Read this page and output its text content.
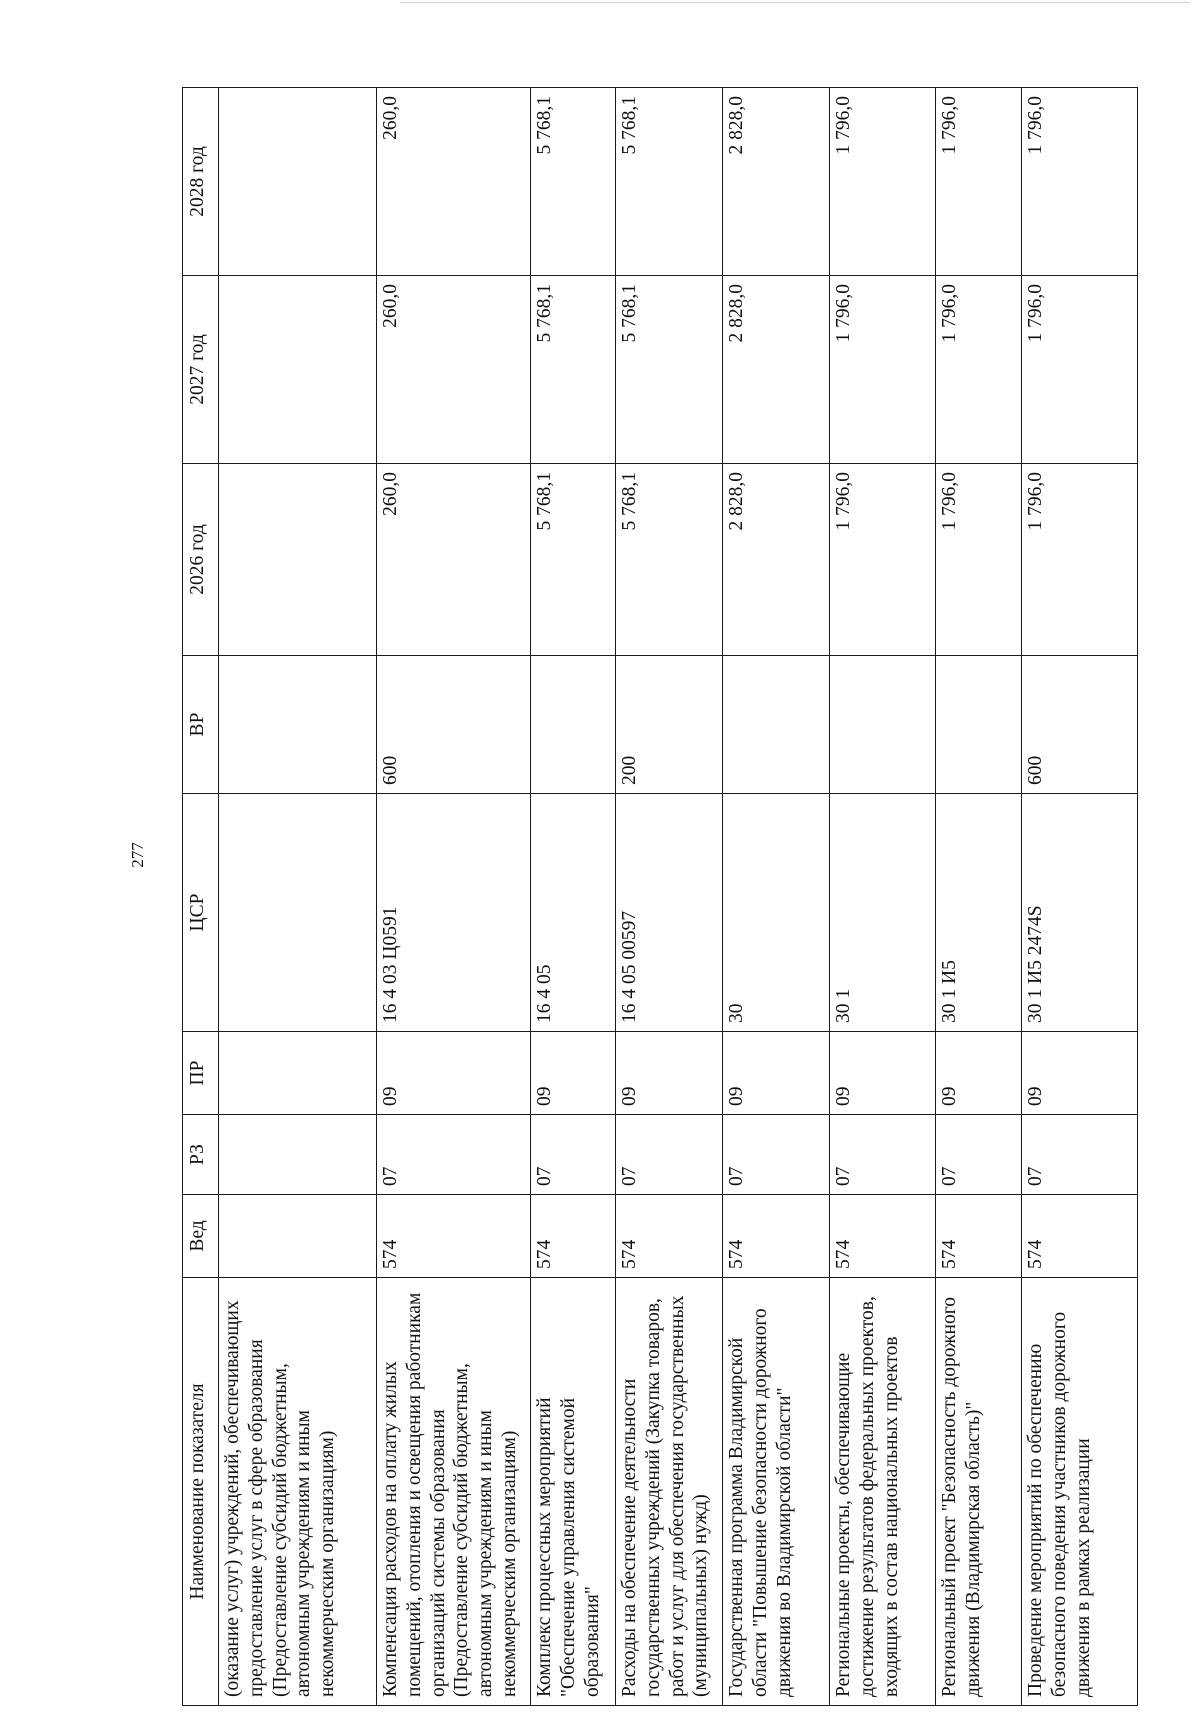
277
Наименование показателя	Вед	РЗ	ПР	ЦСР	ВР	2026 год	2027 год	2028 год
(оказание услуг) учреждений, обеспечивающих предоставление услуг в сфере образования (Предоставление субсидий бюджетным, автономным учреждениям и иным некоммерческим организациям)								
Компенсация расходов на оплату жилых помещений, отопления и освещения работникам организаций системы образования (Предоставление субсидий бюджетным, автономным учреждениям и иным некоммерческим организациям)	574	07	09	16 4 03 Ц0591	600	260,0	260,0	260,0
Комплекс процессных мероприятий "Обеспечение управления системой образования"	574	07	09	16 4 05		5 768,1	5 768,1	5 768,1
Расходы на обеспечение деятельности государственных учреждений (Закупка товаров, работ и услуг для обеспечения государственных (муниципальных) нужд)	574	07	09	16 4 05 00597	200	5 768,1	5 768,1	5 768,1
Государственная программа Владимирской области "Повышение безопасности дорожного движения во Владимирской области"	574	07	09	30		2 828,0	2 828,0	2 828,0
Региональные проекты, обеспечивающие достижение результатов федеральных проектов, входящих в состав национальных проектов	574	07	09	30 1		1 796,0	1 796,0	1 796,0
Региональный проект "Безопасность дорожного движения (Владимирская область)"	574	07	09	30 1 И5		1 796,0	1 796,0	1 796,0
Проведение мероприятий по обеспечению безопасного поведения участников дорожного движения в рамках реализации	574	07	09	30 1 И5 2474S	600	1 796,0	1 796,0	1 796,0
